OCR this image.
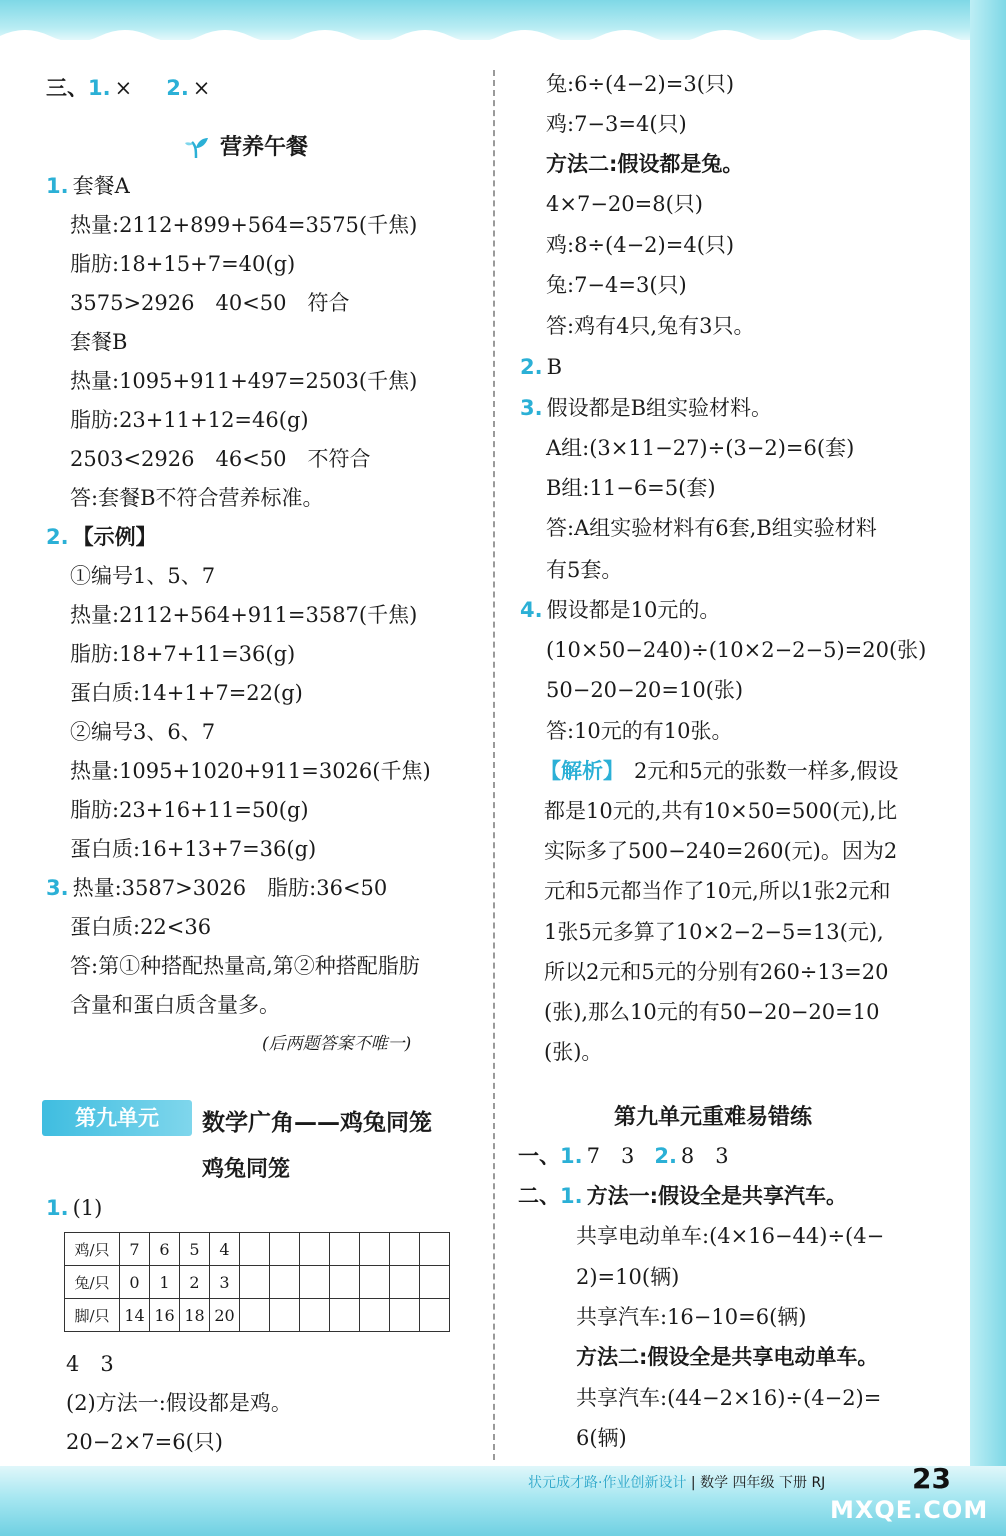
三、1. × 2. ×
营养午餐
1. 套餐A
热量:2112+899+564=3575(千焦)
脂肪:18+15+7=40(g)
3575>2926　40<50　符合
套餐B
热量:1095+911+497=2503(千焦)
脂肪:23+11+12=46(g)
2503<2926　46<50　不符合
答:套餐B不符合营养标准。
2. 【示例】
①编号1、5、7
热量:2112+564+911=3587(千焦)
脂肪:18+7+11=36(g)
蛋白质:14+1+7=22(g)
②编号3、6、7
热量:1095+1020+911=3026(千焦)
脂肪:23+16+11=50(g)
蛋白质:16+13+7=36(g)
3. 热量:3587>3026　脂肪:36<50
蛋白质:22<36
答:第①种搭配热量高,第②种搭配脂肪
含量和蛋白质含量多。
(后两题答案不唯一)
第九单元	数学广角——鸡兔同笼
鸡兔同笼
1. (1)
鸡/只	7	6	5	4							
兔/只	0	1	2	3							
脚/只	14	16	18	20							
4　3
(2)方法一:假设都是鸡。
20−2×7=6(只)
兔:6÷(4−2)=3(只)
鸡:7−3=4(只)
方法二:假设都是兔。
4×7−20=8(只)
鸡:8÷(4−2)=4(只)
兔:7−4=3(只)
答:鸡有4只,兔有3只。
2. B
3. 假设都是B组实验材料。
A组:(3×11−27)÷(3−2)=6(套)
B组:11−6=5(套)
答:A组实验材料有6套,B组实验材料
有5套。
4. 假设都是10元的。
(10×50−240)÷(10×2−2−5)=20(张)
50−20−20=10(张)
答:10元的有10张。
【解析】 2元和5元的张数一样多,假设
都是10元的,共有10×50=500(元),比
实际多了500−240=260(元)。因为2
元和5元都当作了10元,所以1张2元和
1张5元多算了10×2−2−5=13(元),
所以2元和5元的分别有260÷13=20
(张),那么10元的有50−20−20=10
(张)。
第九单元重难易错练
一、1. 7　3 2. 8　3
二、1. 方法一:假设全是共享汽车。
共享电动单车:(4×16−44)÷(4−
2)=10(辆)
共享汽车:16−10=6(辆)
方法二:假设全是共享电动单车。
共享汽车:(44−2×16)÷(4−2)=
6(辆)
状元成才路·作业创新设计 | 数学 四年级 下册 RJ	23
MXQE.COM
